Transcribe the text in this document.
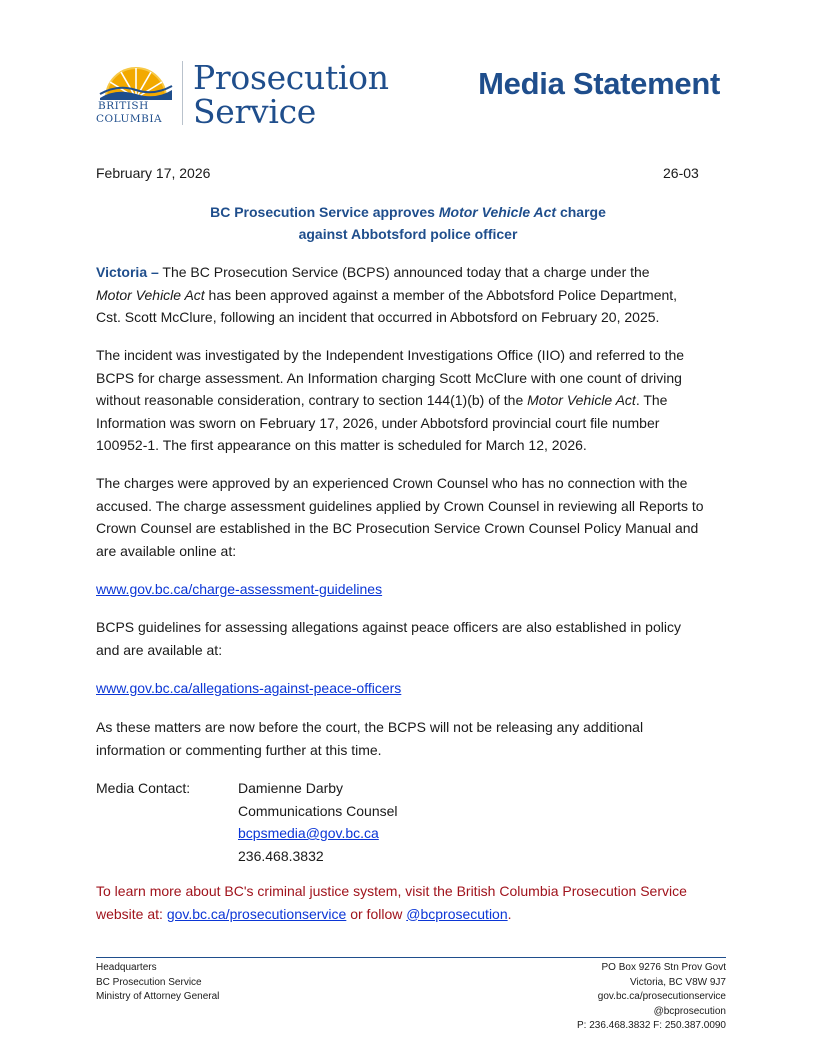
BRITISH
COLUMBIA
Prosecution
Service
Media Statement
February 17, 2026	26-03
BC Prosecution Service approves Motor Vehicle Act charge
against Abbotsford police officer
Victoria – The BC Prosecution Service (BCPS) announced today that a charge under the
Motor Vehicle Act has been approved against a member of the Abbotsford Police Department,
Cst. Scott McClure, following an incident that occurred in Abbotsford on February 20, 2025.
The incident was investigated by the Independent Investigations Office (IIO) and referred to the
BCPS for charge assessment. An Information charging Scott McClure with one count of driving
without reasonable consideration, contrary to section 144(1)(b) of the Motor Vehicle Act. The
Information was sworn on February 17, 2026, under Abbotsford provincial court file number
100952-1. The first appearance on this matter is scheduled for March 12, 2026.
The charges were approved by an experienced Crown Counsel who has no connection with the
accused. The charge assessment guidelines applied by Crown Counsel in reviewing all Reports to
Crown Counsel are established in the BC Prosecution Service Crown Counsel Policy Manual and
are available online at:
www.gov.bc.ca/charge-assessment-guidelines
BCPS guidelines for assessing allegations against peace officers are also established in policy
and are available at:
www.gov.bc.ca/allegations-against-peace-officers
As these matters are now before the court, the BCPS will not be releasing any additional
information or commenting further at this time.
Media Contact:	Damienne Darby
Communications Counsel
bcpsmedia@gov.bc.ca
236.468.3832
To learn more about BC's criminal justice system, visit the British Columbia Prosecution Service
website at: gov.bc.ca/prosecutionservice or follow @bcprosecution.
Headquarters
BC Prosecution Service
Ministry of Attorney General
PO Box 9276 Stn Prov Govt
Victoria, BC V8W 9J7
gov.bc.ca/prosecutionservice
@bcprosecution
P: 236.468.3832 F: 250.387.0090
